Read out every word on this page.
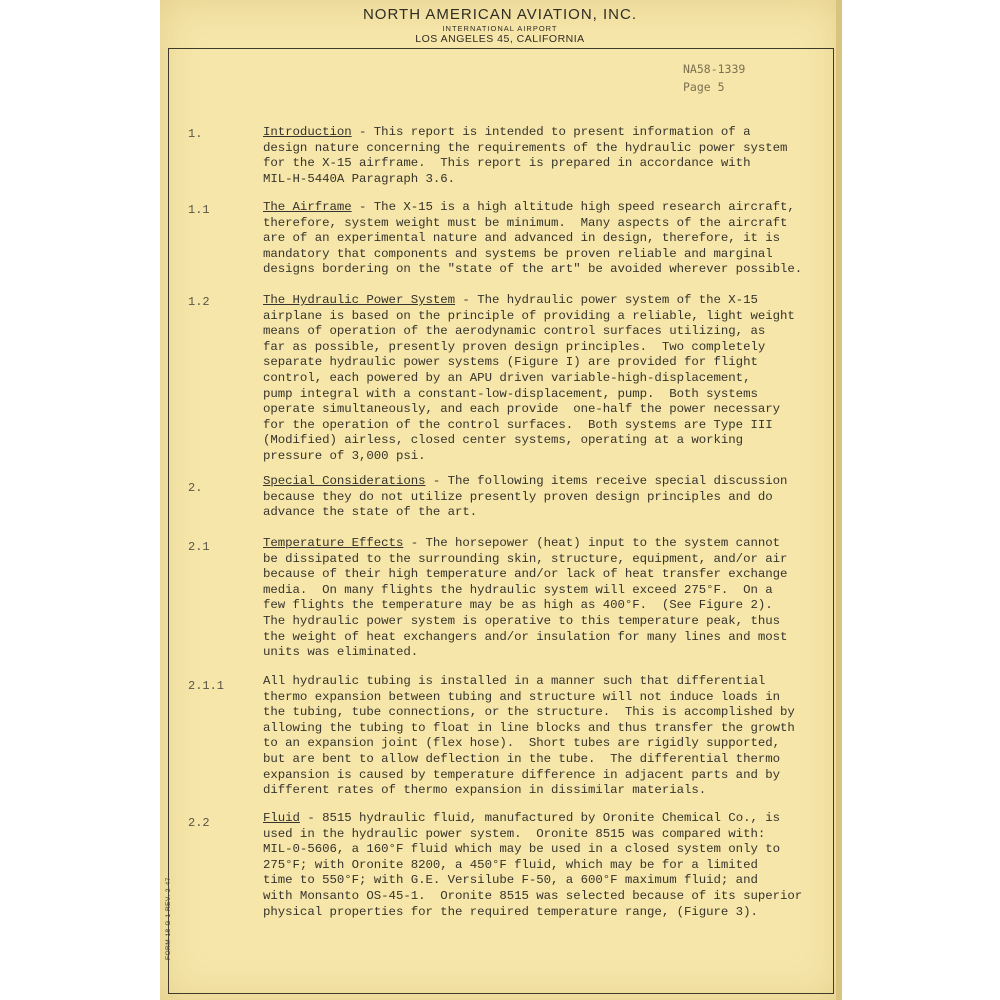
NORTH AMERICAN AVIATION, INC.
INTERNATIONAL AIRPORT
LOS ANGELES 45, CALIFORNIA
NA58-1339
Page 5
1.	Introduction - This report is intended to present information of a
design nature concerning the requirements of the hydraulic power system
for the X-15 airframe.  This report is prepared in accordance with
MIL-H-5440A Paragraph 3.6.
1.1	The Airframe - The X-15 is a high altitude high speed research aircraft,
therefore, system weight must be minimum.  Many aspects of the aircraft
are of an experimental nature and advanced in design, therefore, it is
mandatory that components and systems be proven reliable and marginal
designs bordering on the "state of the art" be avoided wherever possible.
1.2	The Hydraulic Power System - The hydraulic power system of the X-15
airplane is based on the principle of providing a reliable, light weight
means of operation of the aerodynamic control surfaces utilizing, as
far as possible, presently proven design principles.  Two completely
separate hydraulic power systems (Figure I) are provided for flight
control, each powered by an APU driven variable-high-displacement,
pump integral with a constant-low-displacement, pump.  Both systems
operate simultaneously, and each provide  one-half the power necessary
for the operation of the control surfaces.  Both systems are Type III
(Modified) airless, closed center systems, operating at a working
pressure of 3,000 psi.
2.	Special Considerations - The following items receive special discussion
because they do not utilize presently proven design principles and do
advance the state of the art.
2.1	Temperature Effects - The horsepower (heat) input to the system cannot
be dissipated to the surrounding skin, structure, equipment, and/or air
because of their high temperature and/or lack of heat transfer exchange
media.  On many flights the hydraulic system will exceed 275°F.  On a
few flights the temperature may be as high as 400°F.  (See Figure 2).
The hydraulic power system is operative to this temperature peak, thus
the weight of heat exchangers and/or insulation for many lines and most
units was eliminated.
2.1.1	All hydraulic tubing is installed in a manner such that differential
thermo expansion between tubing and structure will not induce loads in
the tubing, tube connections, or the structure.  This is accomplished by
allowing the tubing to float in line blocks and thus transfer the growth
to an expansion joint (flex hose).  Short tubes are rigidly supported,
but are bent to allow deflection in the tube.  The differential thermo
expansion is caused by temperature difference in adjacent parts and by
different rates of thermo expansion in dissimilar materials.
2.2	Fluid - 8515 hydraulic fluid, manufactured by Oronite Chemical Co., is
used in the hydraulic power system.  Oronite 8515 was compared with:
MIL-0-5606, a 160°F fluid which may be used in a closed system only to
275°F; with Oronite 8200, a 450°F fluid, which may be for a limited
time to 550°F; with G.E. Versilube F-50, a 600°F maximum fluid; and
with Monsanto OS-45-1.  Oronite 8515 was selected because of its superior
physical properties for the required temperature range, (Figure 3).
FORM 18-G-1 REV. 2-47
